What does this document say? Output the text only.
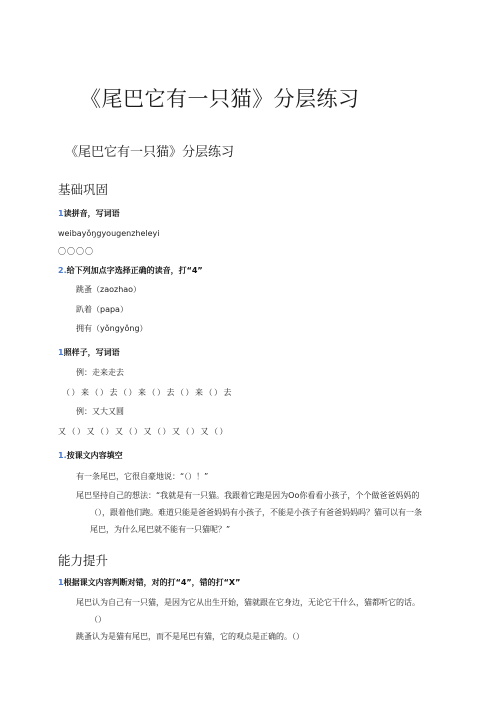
《尾巴它有一只猫》分层练习
《尾巴它有一只猫》分层练习
基础巩固
1读拼音，写词语
weibayǒŋgyougenzheleyi
〇〇〇〇
2.给下列加点字选择正确的读音，打“4”
跳蚤（zaozhao）
趴着（papa）
拥有（yǒngyǒng）
1照样子，写词语
例：走来走去
（）来（）去（）来（）去（）来（）去
例：又大又圆
又（）又（）又（）又（）又（）又（）
1.按课文内容填空
有一条尾巴，它很自豪地说：“（）！”
尾巴坚持自己的想法：“我就是有一只猫。我跟着它跑是因为Oo你看看小孩子，个个做爸爸妈妈的
（），跟着他们跑。难道只能是爸爸妈妈有小孩子，不能是小孩子有爸爸妈妈吗？猫可以有一条
尾巴，为什么尾巴就不能有一只猫呢？”
能力提升
1根据课文内容判断对错，对的打“4”，错的打“X”
尾巴认为自己有一只猫，是因为它从出生开始，猫就跟在它身边，无论它干什么，猫都听它的话。
（）
跳蚤认为是猫有尾巴，而不是尾巴有猫，它的观点是正确的。（）
